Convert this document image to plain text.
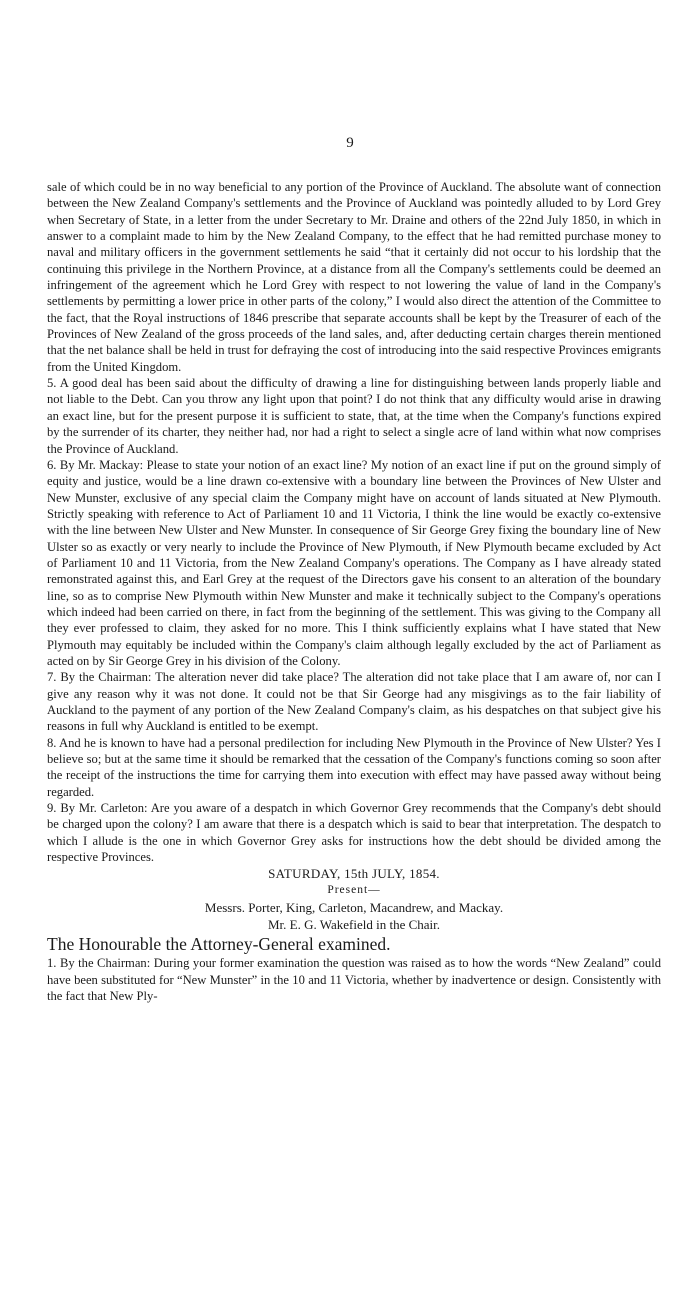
9

sale of which could be in no way beneficial to any portion of the Province of Auckland. The absolute want of connection between the New Zealand Company's settlements and the Province of Auckland was pointedly alluded to by Lord Grey when Secretary of State, in a letter from the under Secretary to Mr. Draine and others of the 22nd July 1850, in which in answer to a complaint made to him by the New Zealand Company, to the effect that he had remitted purchase money to naval and military officers in the government settlements he said “that it certainly did not occur to his lordship that the continuing this privilege in the Northern Province, at a distance from all the Company's settlements could be deemed an infringement of the agreement which he Lord Grey with respect to not lowering the value of land in the Company's settlements by permitting a lower price in other parts of the colony,” I would also direct the attention of the Committee to the fact, that the Royal instructions of 1846 prescribe that separate accounts shall be kept by the Treasurer of each of the Provinces of New Zealand of the gross proceeds of the land sales, and, after deducting certain charges therein mentioned that the net balance shall be held in trust for defraying the cost of introducing into the said respective Provinces emigrants from the United Kingdom.

5. A good deal has been said about the difficulty of drawing a line for distinguishing between lands properly liable and not liable to the Debt. Can you throw any light upon that point? I do not think that any difficulty would arise in drawing an exact line, but for the present purpose it is sufficient to state, that, at the time when the Company's functions expired by the surrender of its charter, they neither had, nor had a right to select a single acre of land within what now comprises the Province of Auckland.

6. By Mr. Mackay: Please to state your notion of an exact line? My notion of an exact line if put on the ground simply of equity and justice, would be a line drawn co-extensive with a boundary line between the Provinces of New Ulster and New Munster, exclusive of any special claim the Company might have on account of lands situated at New Plymouth. Strictly speaking with reference to Act of Parliament 10 and 11 Victoria, I think the line would be exactly co-extensive with the line between New Ulster and New Munster. In consequence of Sir George Grey fixing the boundary line of New Ulster so as exactly or very nearly to include the Province of New Plymouth, if New Plymouth became excluded by Act of Parliament 10 and 11 Victoria, from the New Zealand Company's operations. The Company as I have already stated remonstrated against this, and Earl Grey at the request of the Directors gave his consent to an alteration of the boundary line, so as to comprise New Plymouth within New Munster and make it technically subject to the Company's operations which indeed had been carried on there, in fact from the beginning of the settlement. This was giving to the Company all they ever professed to claim, they asked for no more. This I think sufficiently explains what I have stated that New Plymouth may equitably be included within the Company's claim although legally excluded by the act of Parliament as acted on by Sir George Grey in his division of the Colony.

7. By the Chairman: The alteration never did take place? The alteration did not take place that I am aware of, nor can I give any reason why it was not done. It could not be that Sir George had any misgivings as to the fair liability of Auckland to the payment of any portion of the New Zealand Company's claim, as his despatches on that subject give his reasons in full why Auckland is entitled to be exempt.

8. And he is known to have had a personal predilection for including New Plymouth in the Province of New Ulster? Yes I believe so; but at the same time it should be remarked that the cessation of the Company's functions coming so soon after the receipt of the instructions the time for carrying them into execution with effect may have passed away without being regarded.

9. By Mr. Carleton: Are you aware of a despatch in which Governor Grey recommends that the Company's debt should be charged upon the colony? I am aware that there is a despatch which is said to bear that interpretation. The despatch to which I allude is the one in which Governor Grey asks for instructions how the debt should be divided among the respective Provinces.

SATURDAY, 15th JULY, 1854.

Present—

Messrs. Porter, King, Carleton, Macandrew, and Mackay.

Mr. E. G. Wakefield in the Chair.

The Honourable the Attorney-General examined.

1. By the Chairman: During your former examination the question was raised as to how the words “New Zealand” could have been substituted for “New Munster” in the 10 and 11 Victoria, whether by inadvertence or design. Consistently with the fact that New Ply-
